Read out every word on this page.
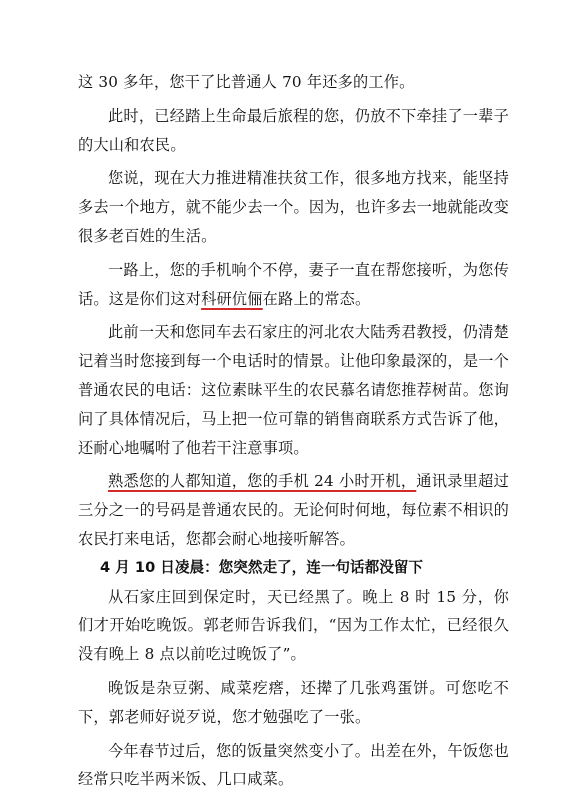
这 30 多年，您干了比普通人 70 年还多的工作。

此时，已经踏上生命最后旅程的您，仍放不下牵挂了一辈子的大山和农民。

您说，现在大力推进精准扶贫工作，很多地方找来，能坚持多去一个地方，就不能少去一个。因为，也许多去一地就能改变很多老百姓的生活。

一路上，您的手机响个不停，妻子一直在帮您接听，为您传话。这是你们这对科研伉俪在路上的常态。

此前一天和您同车去石家庄的河北农大陆秀君教授，仍清楚记着当时您接到每一个电话时的情景。让他印象最深的，是一个普通农民的电话：这位素昧平生的农民慕名请您推荐树苗。您询问了具体情况后，马上把一位可靠的销售商联系方式告诉了他，还耐心地嘱咐了他若干注意事项。

熟悉您的人都知道，您的手机 24 小时开机，通讯录里超过三分之一的号码是普通农民的。无论何时何地，每位素不相识的农民打来电话，您都会耐心地接听解答。

4 月 10 日凌晨：您突然走了，连一句话都没留下

从石家庄回到保定时，天已经黑了。晚上 8 时 15 分，你们才开始吃晚饭。郭老师告诉我们，“因为工作太忙，已经很久没有晚上 8 点以前吃过晚饭了”。

晚饭是杂豆粥、咸菜疙瘩，还撵了几张鸡蛋饼。可您吃不下，郭老师好说歹说，您才勉强吃了一张。

今年春节过后，您的饭量突然变小了。出差在外，午饭您也经常只吃半两米饭、几口咸菜。
